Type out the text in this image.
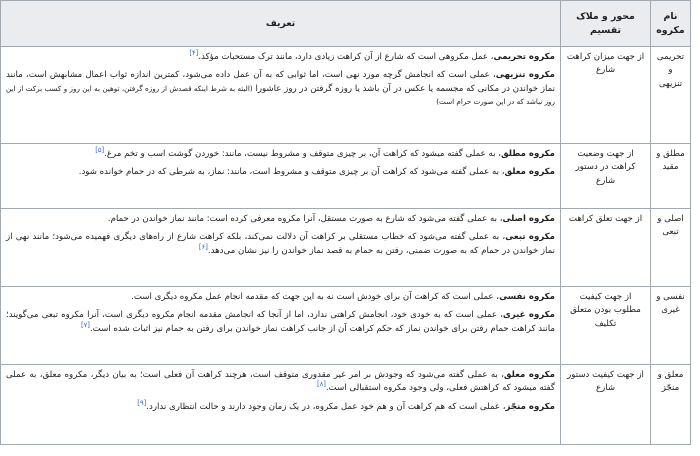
نام مکروه	محور و ملاک تقسیم	تعریف
تحریمی و تنزیهی	از جهت میزان کراهت شارع	مکروه تحریمی، عمل مکروهی است که شارع از آن کراهت زیادی دارد، مانند ترک مستحبات مؤکد.[۴]

مکروه تنزیهی، عملی است که انجامش گرچه مورد نهی است، اما ثوابی که به آن عمل داده می‌شود، کمترین اندازه ثواب اعمال مشابهش است، مانند نماز خواندن در مکانی که مجسمه یا عکس در آن باشد یا روزه گرفتن در روز عاشورا (البته به شرط اینکه قصدش از روزه گرفتن، توهین به این روز و کسب برکت از این روز نباشد که در این صورت حرام است)

مطلق و مقید	از جهت وضعیت کراهت در دستور شارع	مکروه مطلق، به عملی گفته میشود که کراهت آن، بر چیزی متوقف و مشروط نیست، مانند: خوردن گوشت اسب و تخم مرغ.[۵]

مکروه معلق، به عملی گفته می‌شود که کراهت آن بر چیزی متوقف و مشروط است، مانند: نماز، به شرطی که در حمام خوانده شود.

اصلی و تبعی	از جهت تعلق کراهت	مکروه اصلی، به عملی گفته می‌شود که شارع به صورت مستقل، آنرا مکروه معرفی کرده است: مانند نماز خواندن در حمام.

مکروه تبعی، به عملی گفته می‌شود که خطاب مستقلی بر کراهت آن دلالت نمی‌کند، بلکه کراهت شارع از راه‌های دیگری فهمیده می‌شود؛ مانند نهی از نماز خواندن در حمام که به صورت ضمنی، رفتن به حمام به قصد نماز خواندن را نیز نشان می‌دهد.[۶]

نفسی و غیری	از جهت کیفیت مطلوب بودن متعلق تکلیف	مکروه نفسی، عملی است که کراهت آن برای خودش است نه به این جهت که مقدمه انجام عمل مکروه دیگری است.

مکروه غیری، عملی است که به خودی خود، انجامش کراهتی ندارد، اما از آنجا که انجامش مقدمه انجام مکروه دیگری است، آنرا مکروه تبعی می‌گویند؛ مانند کراهت حمام رفتن برای خواندن نماز که حکم کراهت آن از جانب کراهت نماز خواندن برای رفتن به حمام نیز اثبات شده است.[۷]

معلق و منجّز	از جهت کیفیت دستور شارع	مکروه معلق، به عملی گفته می‌شود که وجودش بر امر غیر مقدوری متوقف است، هرچند کراهت آن فعلی است؛ به بیان دیگر، مکروه معلق، به عملی گفته میشود که کراهتش فعلی، ولی وجود مکروه استقبالی است.[۸]

مکروه منجّز، عملی است که هم کراهت آن و هم خود عمل مکروه، در یک زمان وجود دارند و حالت انتظاری ندارد.[۹]
